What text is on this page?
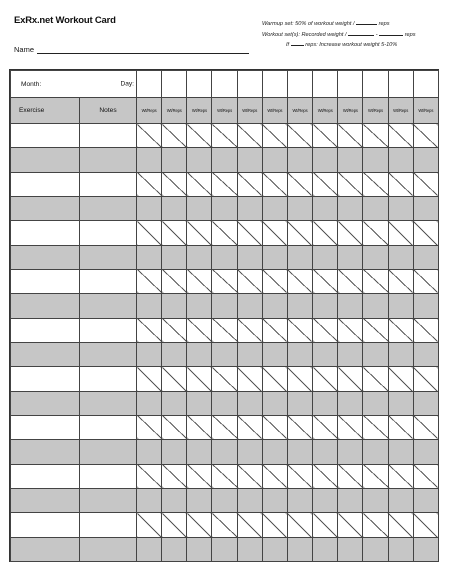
ExRx.net Workout Card
Name
Warmup set: 50% of workout weight /	reps
Workout set(s): Recorded weight /	-	reps
If	reps: Increase workout weight 5-10%
Month: Day:													

Exercise	Notes	Wt/Reps	Wt/Reps	Wt/Reps	Wt/Reps	Wt/Reps	Wt/Reps	Wt/Reps	Wt/Reps	Wt/Reps	Wt/Reps	Wt/Reps	Wt/Reps
